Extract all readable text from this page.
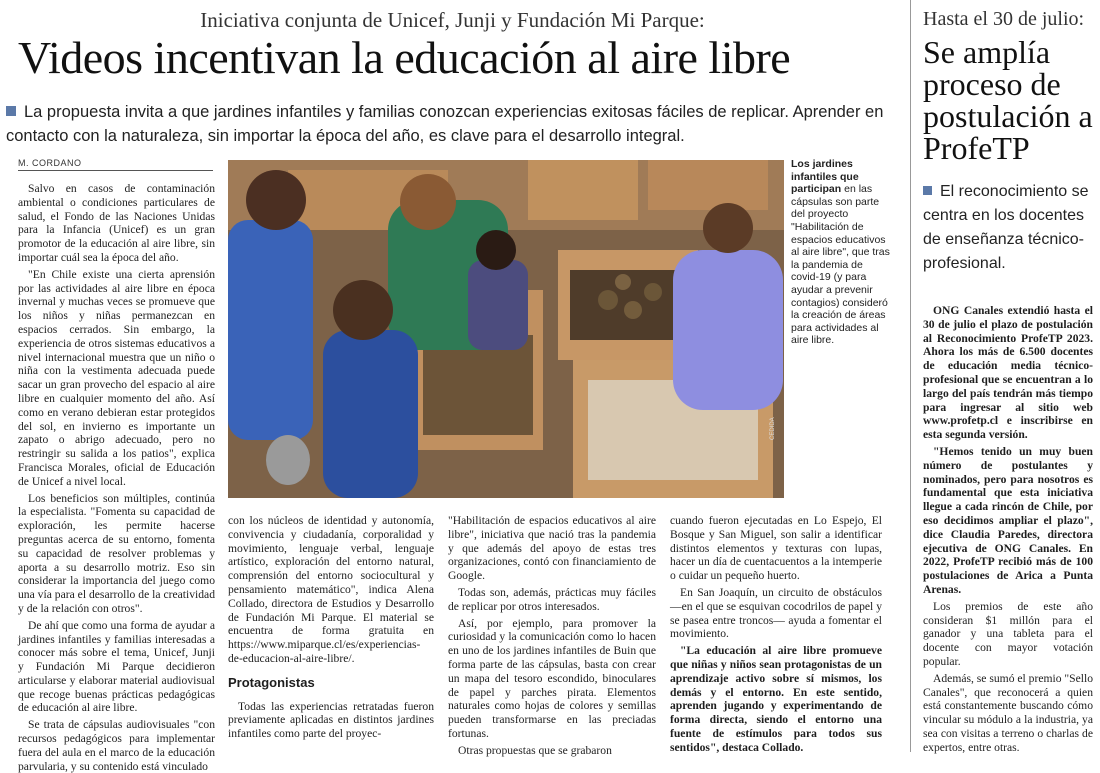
Iniciativa conjunta de Unicef, Junji y Fundación Mi Parque:
Videos incentivan la educación al aire libre
La propuesta invita a que jardines infantiles y familias conozcan experiencias exitosas fáciles de replicar. Aprender en contacto con la naturaleza, sin importar la época del año, es clave para el desarrollo integral.
M. CORDANO

Salvo en casos de contaminación ambiental o condiciones particulares de salud, el Fondo de las Naciones Unidas para la Infancia (Unicef) es un gran promotor de la educación al aire libre, sin importar cuál sea la época del año.

"En Chile existe una cierta aprensión por las actividades al aire libre en época invernal y muchas veces se promueve que los niños y niñas permanezcan en espacios cerrados. Sin embargo, la experiencia de otros sistemas educativos a nivel internacional muestra que un niño o niña con la vestimenta adecuada puede sacar un gran provecho del espacio al aire libre en cualquier momento del año. Así como en verano debieran estar protegidos del sol, en invierno es importante un zapato o abrigo adecuado, pero no restringir su salida a los patios", explica Francisca Morales, oficial de Educación de Unicef a nivel local.

Los beneficios son múltiples, continúa la especialista. "Fomenta su capacidad de exploración, les permite hacerse preguntas acerca de su entorno, fomenta su capacidad de resolver problemas y aporta a su desarrollo motriz. Eso sin considerar la importancia del juego como una vía para el desarrollo de la creatividad y de la relación con otros".

De ahí que como una forma de ayudar a jardines infantiles y familias interesadas a conocer más sobre el tema, Unicef, Junji y Fundación Mi Parque decidieron articularse y elaborar material audiovisual que recoge buenas prácticas pedagógicas de educación al aire libre.

Se trata de cápsulas audiovisuales "con recursos pedagógicos para implementar fuera del aula en el marco de la educación parvularia, y su contenido está vinculado

CEDIDA
Los jardines infantiles que participan en las cápsulas son parte del proyecto "Habilitación de espacios educativos al aire libre", que tras la pandemia de covid-19 (y para ayudar a prevenir contagios) consideró la creación de áreas para actividades al aire libre.

con los núcleos de identidad y autonomía, convivencia y ciudadanía, corporalidad y movimiento, lenguaje verbal, lenguaje artístico, exploración del entorno natural, comprensión del entorno sociocultural y pensamiento matemático", indica Alena Collado, directora de Estudios y Desarrollo de Fundación Mi Parque. El material se encuentra de forma gratuita en https://www.miparque.cl/es/experiencias-de-educacion-al-aire-libre/.

Protagonistas

Todas las experiencias retratadas fueron previamente aplicadas en distintos jardines infantiles como parte del proyec-

"Habilitación de espacios educativos al aire libre", iniciativa que nació tras la pandemia y que además del apoyo de estas tres organizaciones, contó con financiamiento de Google.

Todas son, además, prácticas muy fáciles de replicar por otros interesados.

Así, por ejemplo, para promover la curiosidad y la comunicación como lo hacen en uno de los jardines infantiles de Buin que forma parte de las cápsulas, basta con crear un mapa del tesoro escondido, binoculares de papel y parches pirata. Elementos naturales como hojas de colores y semillas pueden transformarse en las preciadas fortunas.

Otras propuestas que se grabaron

cuando fueron ejecutadas en Lo Espejo, El Bosque y San Miguel, son salir a identificar distintos elementos y texturas con lupas, hacer un día de cuentacuentos a la intemperie o cuidar un pequeño huerto.

En San Joaquín, un circuito de obstáculos —en el que se esquivan cocodrilos de papel y se pasea entre troncos— ayuda a fomentar el movimiento.

"La educación al aire libre promueve que niñas y niños sean protagonistas de un aprendizaje activo sobre sí mismos, los demás y el entorno. En este sentido, aprenden jugando y experimentando de forma directa, siendo el entorno una fuente de estímulos para todos sus sentidos", destaca Collado.

Hasta el 30 de julio:
Se amplía proceso de postulación a ProfeTP
El reconocimiento se centra en los docentes de enseñanza técnico-profesional.

ONG Canales extendió hasta el 30 de julio el plazo de postulación al Reconocimiento ProfeTP 2023. Ahora los más de 6.500 docentes de educación media técnico-profesional que se encuentran a lo largo del país tendrán más tiempo para ingresar al sitio web www.profetp.cl e inscribirse en esta segunda versión.

"Hemos tenido un muy buen número de postulantes y nominados, pero para nosotros es fundamental que esta iniciativa llegue a cada rincón de Chile, por eso decidimos ampliar el plazo", dice Claudia Paredes, directora ejecutiva de ONG Canales. En 2022, ProfeTP recibió más de 100 postulaciones de Arica a Punta Arenas.

Los premios de este año consideran $1 millón para el ganador y una tableta para el docente con mayor votación popular.

Además, se sumó el premio "Sello Canales", que reconocerá a quien está constantemente buscando cómo vincular su módulo a la industria, ya sea con visitas a terreno o charlas de expertos, entre otras.
